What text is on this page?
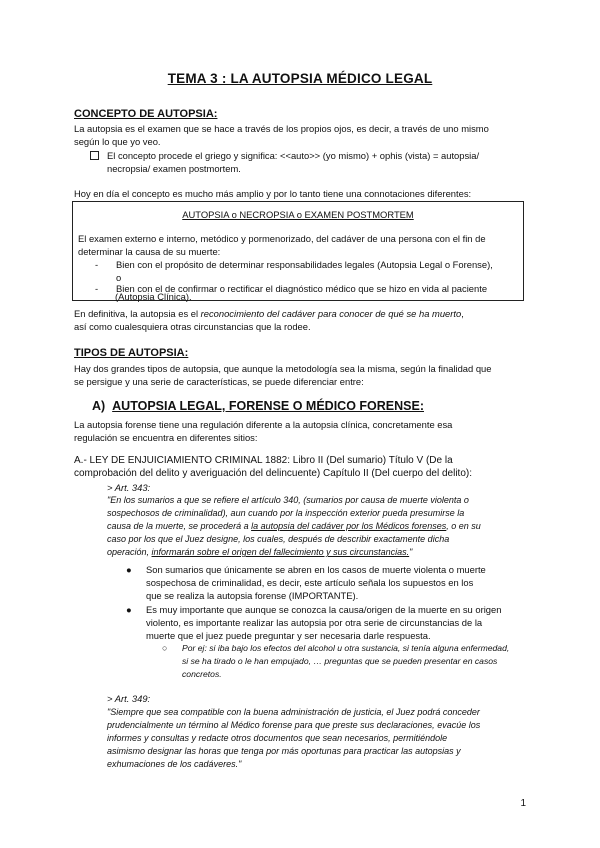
TEMA 3 : LA AUTOPSIA MÉDICO LEGAL
CONCEPTO DE AUTOPSIA:
La autopsia es el examen que se hace a través de los propios ojos, es decir, a través de uno mismo
según lo que yo veo.
El concepto procede el griego y significa: <<auto>> (yo mismo) + ophis (vista) = autopsia/
necropsia/ examen postmortem.
Hoy en día el concepto es mucho más amplio y por lo tanto tiene una connotaciones diferentes:
AUTOPSIA o NECROPSIA o EXAMEN POSTMORTEM
El examen externo e interno, metódico y pormenorizado, del cadáver de una persona con el fin de
determinar la causa de su muerte:
- Bien con el propósito de determinar responsabilidades legales (Autopsia Legal o Forense),
o
- Bien con el de confirmar o rectificar el diagnóstico médico que se hizo en vida al paciente
(Autopsia Clínica).
En definitiva, la autopsia es el reconocimiento del cadáver para conocer de qué se ha muerto,
así como cualesquiera otras circunstancias que la rodee.
TIPOS DE AUTOPSIA:
Hay dos grandes tipos de autopsia, que aunque la metodología sea la misma, según la finalidad que
se persigue y una serie de características, se puede diferenciar entre:
A) AUTOPSIA LEGAL, FORENSE O MÉDICO FORENSE:
La autopsia forense tiene una regulación diferente a la autopsia clínica, concretamente esa
regulación se encuentra en diferentes sitios:
A.- LEY DE ENJUICIAMIENTO CRIMINAL 1882: Libro II (Del sumario) Título V (De la
comprobación del delito y averiguación del delincuente) Capítulo II (Del cuerpo del delito):
> Art. 343:
"En los sumarios a que se refiere el artículo 340, (sumarios por causa de muerte violenta o
sospechosos de criminalidad), aun cuando por la inspección exterior pueda presumirse la
causa de la muerte, se procederá a la autopsia del cadáver por los Médicos forenses, o en su
caso por los que el Juez designe, los cuales, después de describir exactamente dicha
operación, informarán sobre el origen del fallecimiento y sus circunstancias."
● Son sumarios que únicamente se abren en los casos de muerte violenta o muerte
sospechosa de criminalidad, es decir, este artículo señala los supuestos en los
que se realiza la autopsia forense (IMPORTANTE).
● Es muy importante que aunque se conozca la causa/origen de la muerte en su origen
violento, es importante realizar las autopsia por otra serie de circunstancias de la
muerte que el juez puede preguntar y ser necesaria darle respuesta.
○ Por ej: si iba bajo los efectos del alcohol u otra sustancia, si tenía alguna enfermedad,
si se ha tirado o le han empujado, … preguntas que se pueden presentar en casos
concretos.
> Art. 349:
"Siempre que sea compatible con la buena administración de justicia, el Juez podrá conceder
prudencialmente un término al Médico forense para que preste sus declaraciones, evacúe los
informes y consultas y redacte otros documentos que sean necesarios, permitiéndole
asimismo designar las horas que tenga por más oportunas para practicar las autopsias y
exhumaciones de los cadáveres."
1
